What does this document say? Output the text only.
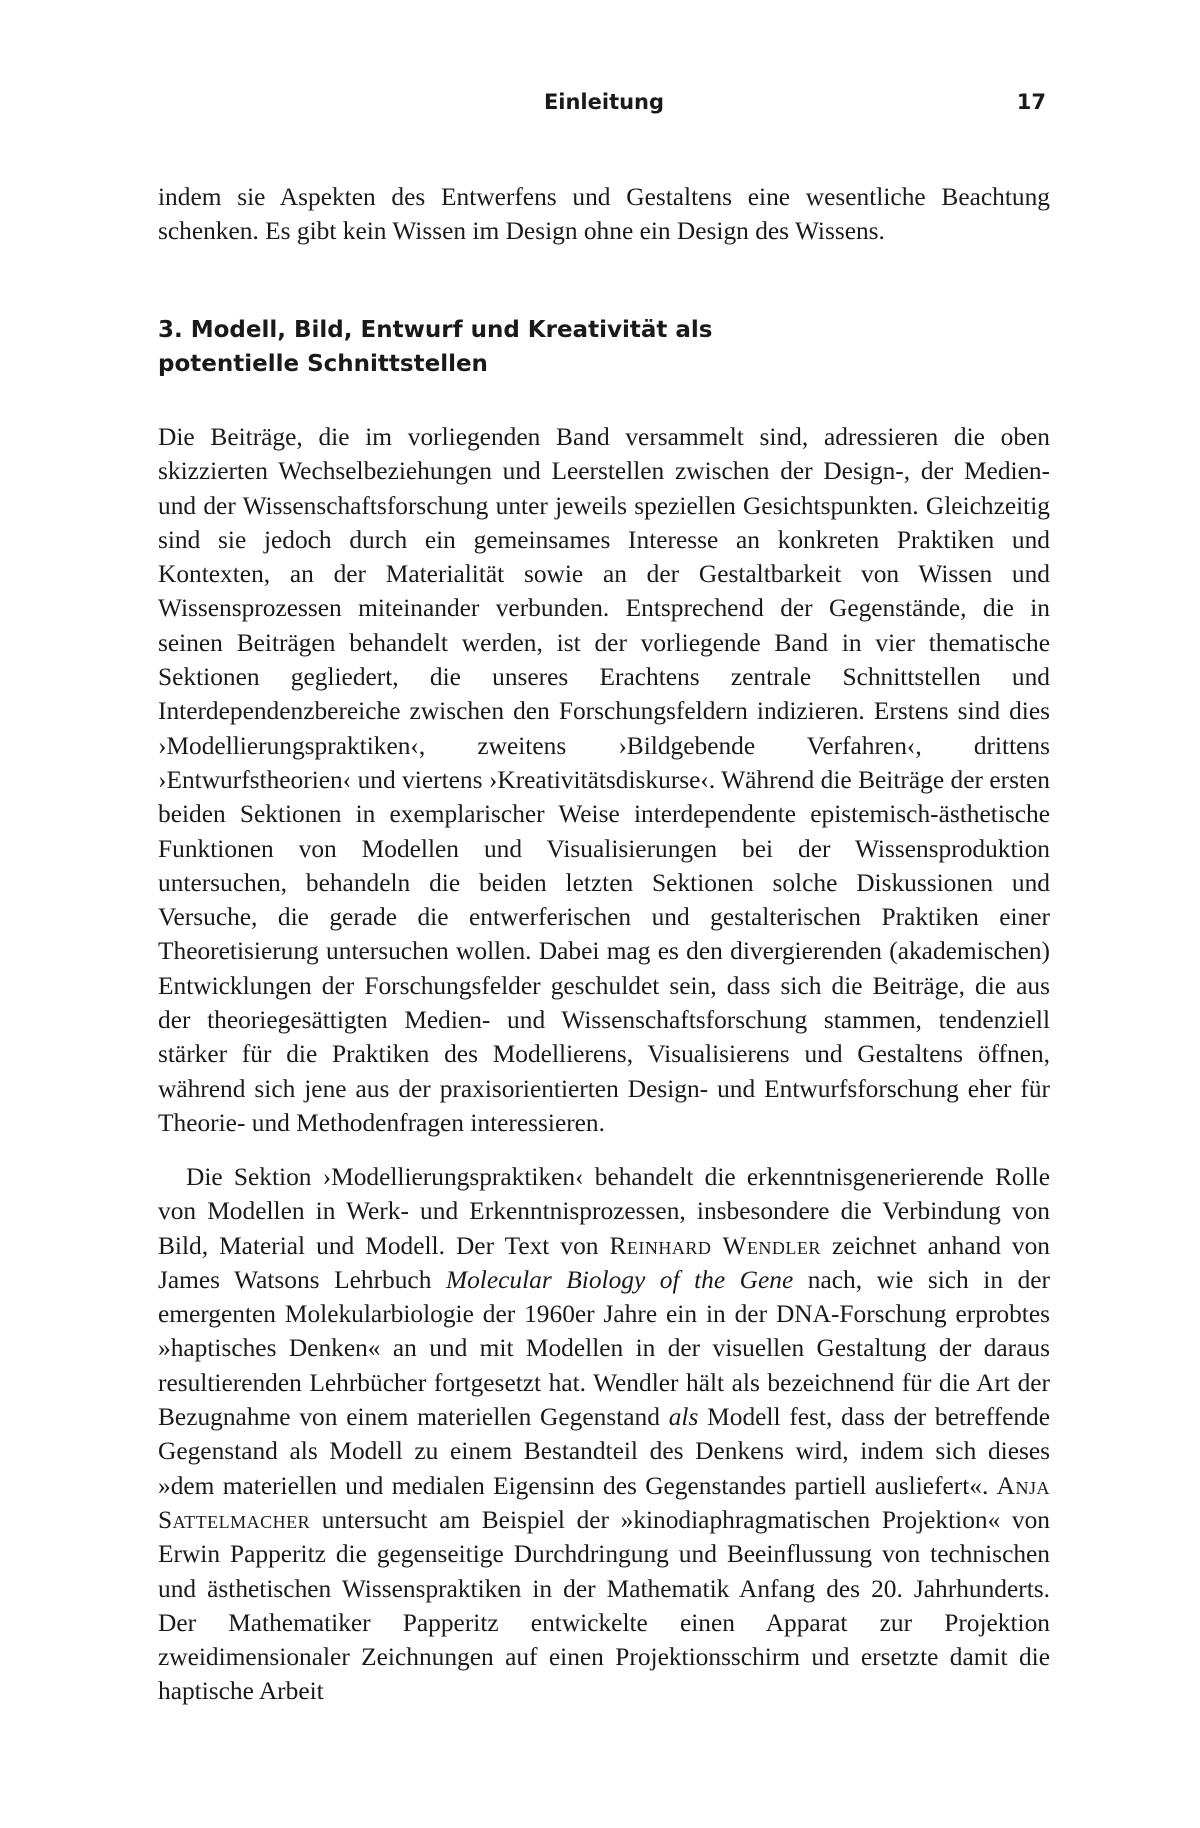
Einleitung	17

indem sie Aspekten des Entwerfens und Gestaltens eine wesentliche Beachtung schenken. Es gibt kein Wissen im Design ohne ein Design des Wissens.

3. Modell, Bild, Entwurf und Kreativität als
potentielle Schnittstellen

Die Beiträge, die im vorliegenden Band versammelt sind, adressieren die oben skizzierten Wechselbeziehungen und Leerstellen zwischen der Design-, der Medien- und der Wissenschaftsforschung unter jeweils speziellen Gesichtspunkten. Gleichzeitig sind sie jedoch durch ein gemeinsames Interesse an konkreten Praktiken und Kontexten, an der Materialität sowie an der Gestaltbarkeit von Wissen und Wissensprozessen miteinander verbunden. Entsprechend der Gegenstände, die in seinen Beiträgen behandelt werden, ist der vorliegende Band in vier thematische Sektionen gegliedert, die unseres Erachtens zentrale Schnittstellen und Interdependenzbereiche zwischen den Forschungsfeldern indizieren. Erstens sind dies ›Modellierungspraktiken‹, zweitens ›Bildgebende Verfahren‹, drittens ›Entwurfstheorien‹ und viertens ›Kreativitätsdiskurse‹. Während die Beiträge der ersten beiden Sektionen in exemplarischer Weise interdependente epistemisch-ästhetische Funktionen von Modellen und Visualisierungen bei der Wissensproduktion untersuchen, behandeln die beiden letzten Sektionen solche Diskussionen und Versuche, die gerade die entwerferischen und gestalterischen Praktiken einer Theoretisierung untersuchen wollen. Dabei mag es den divergierenden (akademischen) Entwicklungen der Forschungsfelder geschuldet sein, dass sich die Beiträge, die aus der theoriegesättigten Medien- und Wissenschaftsforschung stammen, tendenziell stärker für die Praktiken des Modellierens, Visualisierens und Gestaltens öffnen, während sich jene aus der praxisorientierten Design- und Entwurfsforschung eher für Theorie- und Methodenfragen interessieren.

Die Sektion ›Modellierungspraktiken‹ behandelt die erkenntnisgenerierende Rolle von Modellen in Werk- und Erkenntnisprozessen, insbesondere die Verbindung von Bild, Material und Modell. Der Text von Reinhard Wendler zeichnet anhand von James Watsons Lehrbuch Molecular Biology of the Gene nach, wie sich in der emergenten Molekularbiologie der 1960er Jahre ein in der DNA-Forschung erprobtes »haptisches Denken« an und mit Modellen in der visuellen Gestaltung der daraus resultierenden Lehrbücher fortgesetzt hat. Wendler hält als bezeichnend für die Art der Bezugnahme von einem materiellen Gegenstand als Modell fest, dass der betreffende Gegenstand als Modell zu einem Bestandteil des Denkens wird, indem sich dieses »dem materiellen und medialen Eigensinn des Gegenstandes partiell ausliefert«. Anja Sattelmacher untersucht am Beispiel der »kinodiaphragmatischen Projektion« von Erwin Papperitz die gegenseitige Durchdringung und Beeinflussung von technischen und ästhetischen Wissenspraktiken in der Mathematik Anfang des 20. Jahrhunderts. Der Mathematiker Papperitz entwickelte einen Apparat zur Projektion zweidimensionaler Zeichnungen auf einen Projektionsschirm und ersetzte damit die haptische Arbeit
